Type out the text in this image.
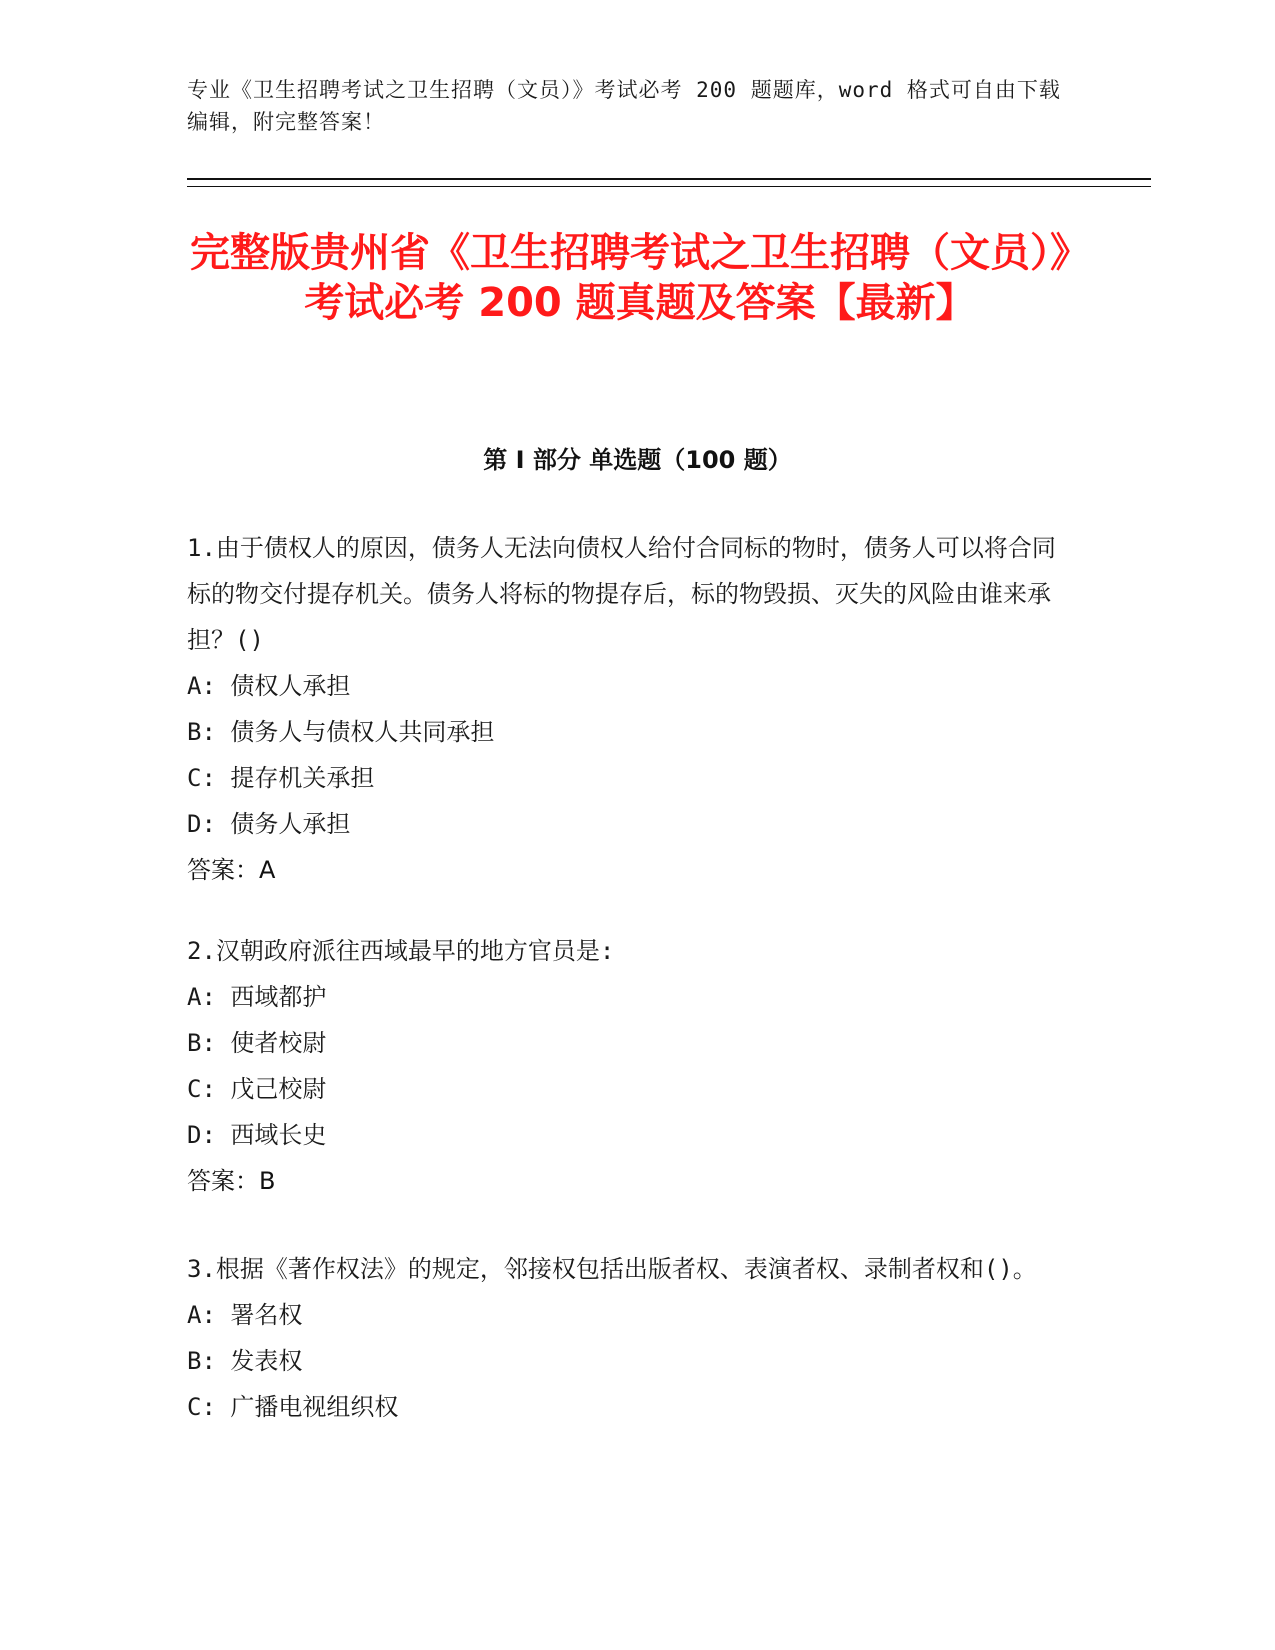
专业《卫生招聘考试之卫生招聘（文员）》考试必考 200 题题库，word 格式可自由下载编辑，附完整答案！
完整版贵州省《卫生招聘考试之卫生招聘（文员）》考试必考 200 题真题及答案【最新】
第 I 部分 单选题（100 题）
1.由于债权人的原因，债务人无法向债权人给付合同标的物时，债务人可以将合同标的物交付提存机关。债务人将标的物提存后，标的物毁损、灭失的风险由谁来承担？()
A: 债权人承担
B: 债务人与债权人共同承担
C: 提存机关承担
D: 债务人承担
答案：A
2.汉朝政府派往西域最早的地方官员是:
A: 西域都护
B: 使者校尉
C: 戊己校尉
D: 西域长史
答案：B
3.根据《著作权法》的规定，邻接权包括出版者权、表演者权、录制者权和()。
A: 署名权
B: 发表权
C: 广播电视组织权
